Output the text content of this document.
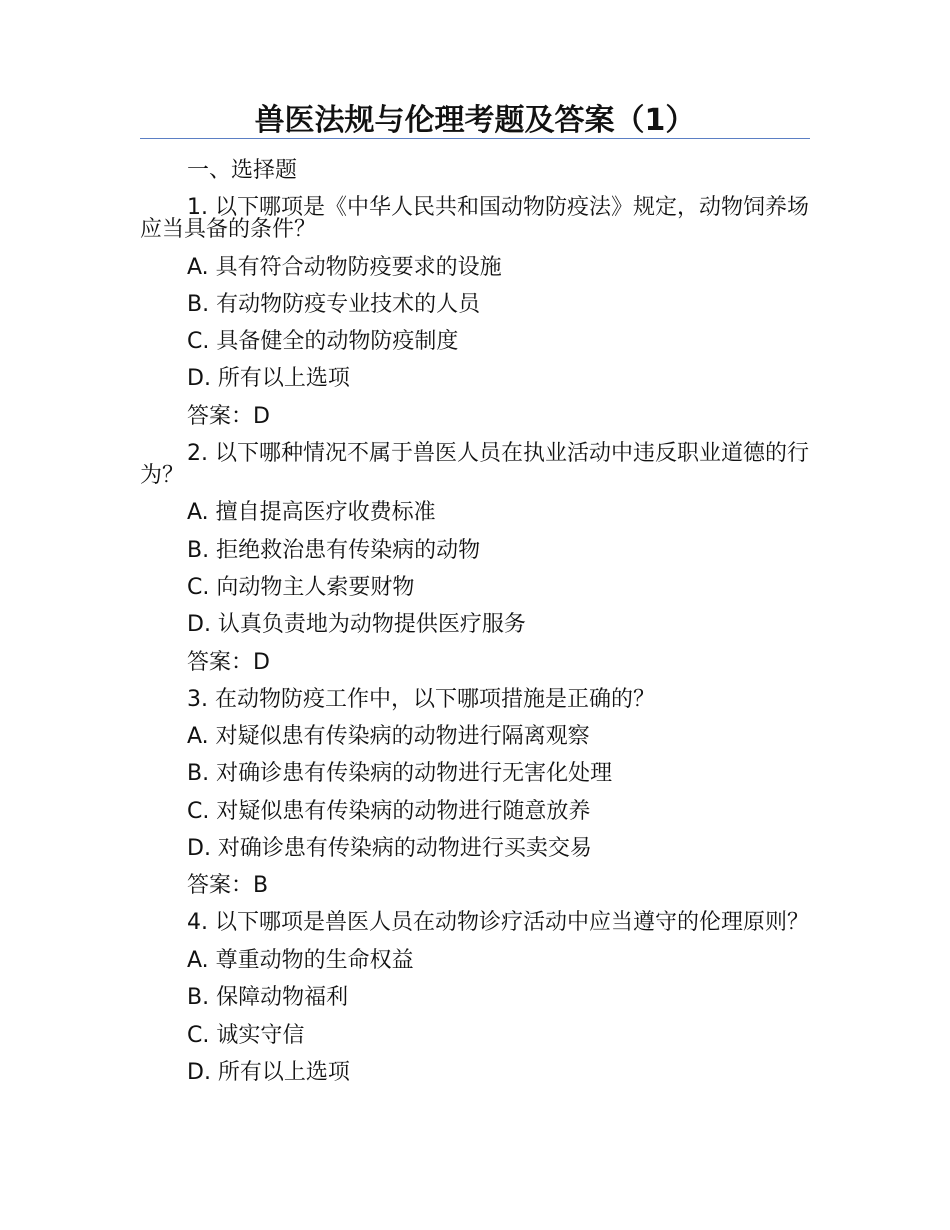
兽医法规与伦理考题及答案（1）

一、选择题

1. 以下哪项是《中华人民共和国动物防疫法》规定，动物饲养场应当具备的条件？

A. 具有符合动物防疫要求的设施

B. 有动物防疫专业技术的人员

C. 具备健全的动物防疫制度

D. 所有以上选项

答案：D

2. 以下哪种情况不属于兽医人员在执业活动中违反职业道德的行为？

A. 擅自提高医疗收费标准

B. 拒绝救治患有传染病的动物

C. 向动物主人索要财物

D. 认真负责地为动物提供医疗服务

答案：D

3. 在动物防疫工作中，以下哪项措施是正确的？

A. 对疑似患有传染病的动物进行隔离观察

B. 对确诊患有传染病的动物进行无害化处理

C. 对疑似患有传染病的动物进行随意放养

D. 对确诊患有传染病的动物进行买卖交易

答案：B

4. 以下哪项是兽医人员在动物诊疗活动中应当遵守的伦理原则？

A. 尊重动物的生命权益

B. 保障动物福利

C. 诚实守信

D. 所有以上选项
